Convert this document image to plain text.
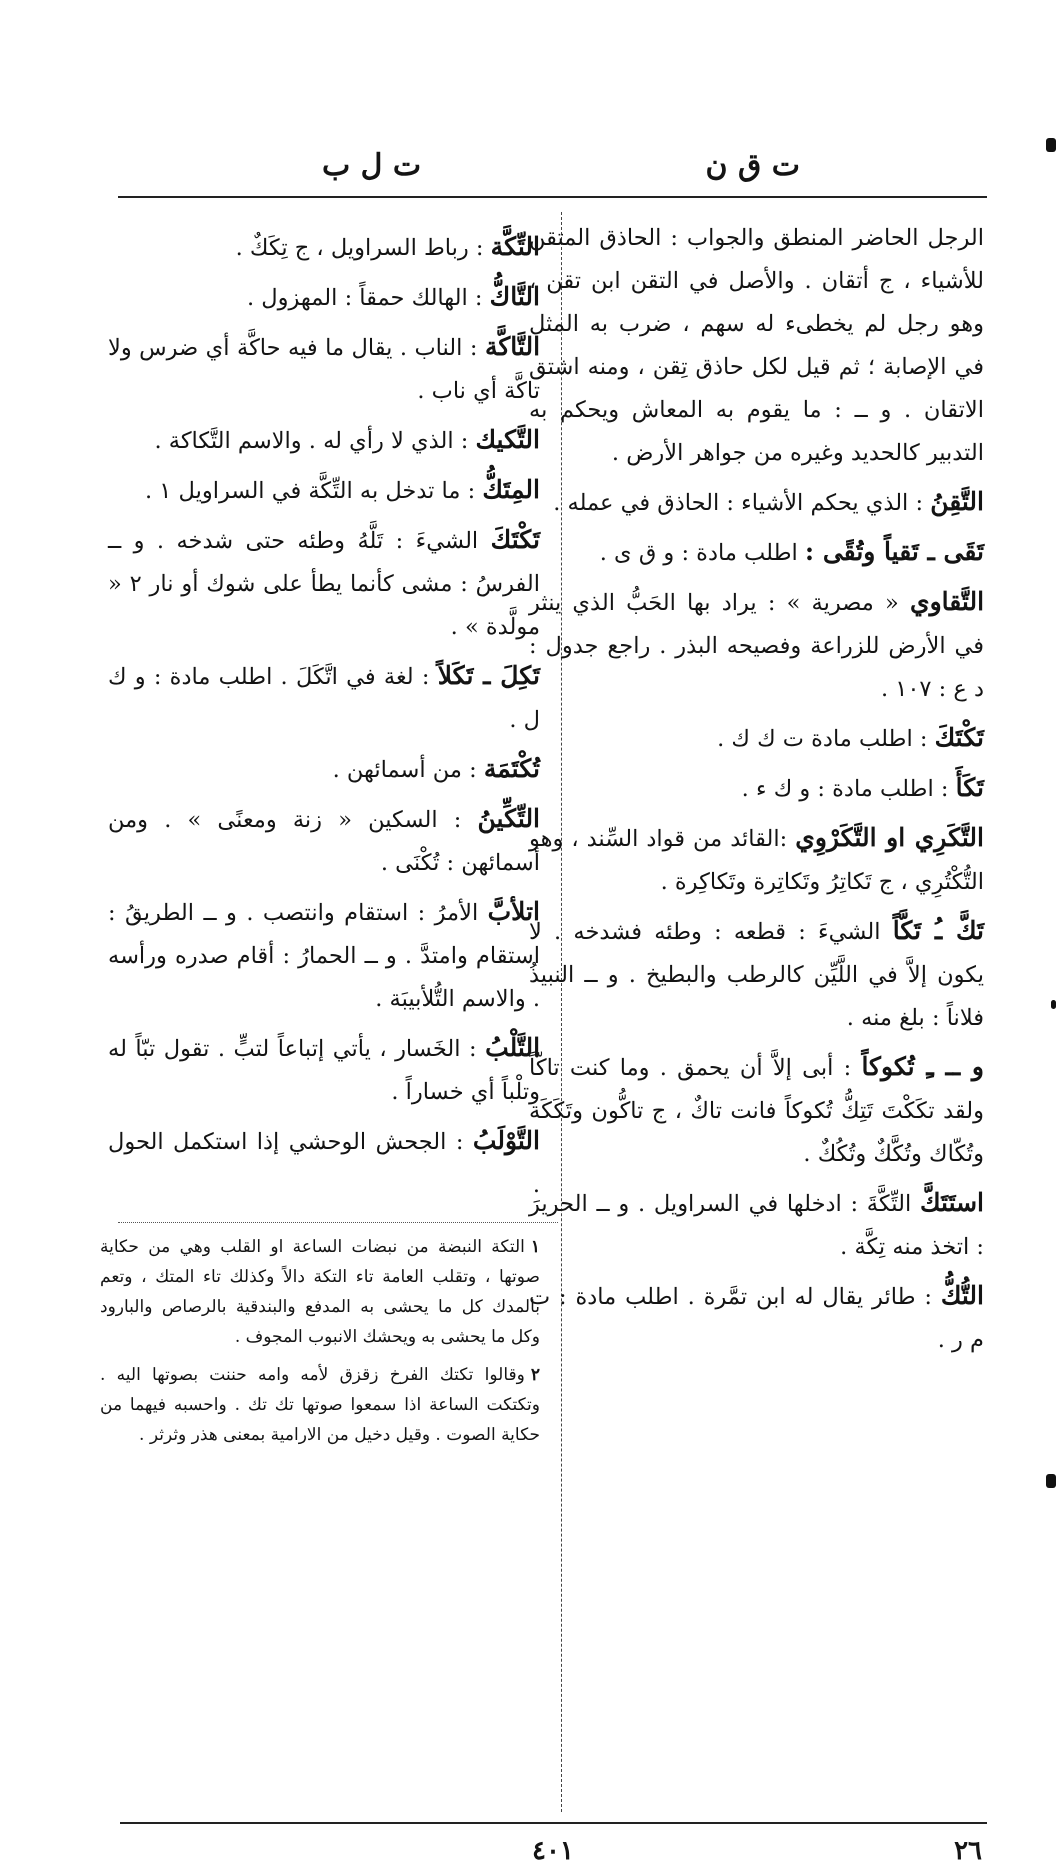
ت ق ن
ت ل ب
الرجل الحاضر المنطق والجواب : الحاذق المتقن للأشياء ، ج أتقان . والأصل في التقن ابن تقن ، وهو رجل لم يخطىء له سهم ، ضرب به المثل في الإصابة ؛ ثم قيل لكل حاذق تِقن ، ومنه اشتق الاتقان . و ــ : ما يقوم به المعاش ويحكم به التدبير كالحديد وغيره من جواهر الأرض .
التَّقِنُ : الذي يحكم الأشياء : الحاذق في عمله .
تَقَى ـ تَقياً وتُقًى : اطلب مادة : و ق ى .
التَّقاوي « مصرية » : يراد بها الحَبُّ الذي ينثر في الأرض للزراعة وفصيحه البذر . راجع جدول : د ع : ١٠٧ .
تَكْتَكَ : اطلب مادة ت ك ك .
تَكَأَ : اطلب مادة : و ك ء .
التَّكَرِي او التَّكَرْوِي :القائد من قواد السِّند ، وهو التُّكْتُرِي ، ج تَكاتِرُ وتَكاتِرة وتَكاكِرة .
تَكَّ ـُ تَكَّاً الشيءَ : قطعه : وطئه فشدخه . لا يكون إلاَّ في اللَّيِّن كالرطب والبطيخ . و ــ النبيذُ فلاناً : بلغ منه .
و ــ ـِ تُكوكاً : أبى إلاَّ أن يحمق . وما كنت تاكّاً ولقد تكَكْتَ تَتِكُّ تُكوكاً فانت تاكٌ ، ج تاكُّون وتَكَكَة وتُكّاك وتُكَّكٌ وتُكُكٌ .
استَتَكَّ التِّكَّةَ : ادخلها في السراويل . و ــ الحريرَ : اتخذ منه تِكَّة .
التُّكُّ : طائر يقال له ابن تمَّرة . اطلب مادة : ت م ر .
التِّكَّة : رباط السراويل ، ج تِكَكٌ .
التَّاكُّ : الهالك حمقاً : المهزول .
التَّاكَّة : الناب . يقال ما فيه حاكَّة أي ضرس ولا تاكَّة أي ناب .
التَّكيك : الذي لا رأي له . والاسم التَّكاكة .
المِتَكُّ : ما تدخل به التِّكَّة في السراويل ١ .
تَكْتَكَ الشيءَ : تَلَّهُ وطئه حتى شدخه . و ــ الفرسُ : مشى كأنما يطأ على شوك أو نار ٢ « مولَّدة » .
تَكِلَ ـ تَكَلاً : لغة في اتَّكَلَ . اطلب مادة : و ك ل .
تُكْتَمَة : من أسمائهن .
التِّكِّينُ : السكين « زنة ومعنًى » . ومن أسمائهن : تُكْنَى .
اتلأبَّ الأمرُ : استقام وانتصب . و ــ الطريقُ : استقام وامتدَّ . و ــ الحمارُ : أقام صدره ورأسه . والاسم التُّلأبيبَة .
التَّلْبُ : الخَسار ، يأتي إتباعاً لتبٍّ . تقول تبّاً له وتلْباً أي خساراً .
التَّوْلَبُ : الجحش الوحشي إذا استكمل الحول .
١التكة النبضة من نبضات الساعة او القلب وهي من حكاية صوتها ، وتقلب العامة تاء التكة دالاً وكذلك تاء المتك ، وتعم بالمدك كل ما يحشى به المدفع والبندقية بالرصاص والبارود وكل ما يحشى به ويحشك الانبوب المجوف .
٢وقالوا تكتك الفرخ زقزق لأمه وامه حننت بصوتها اليه . وتكتكت الساعة اذا سمعوا صوتها تك تك . واحسبه فيهما من حكاية الصوت . وقيل دخيل من الارامية بمعنى هذر وثرثر .
٤٠١	٢٦
